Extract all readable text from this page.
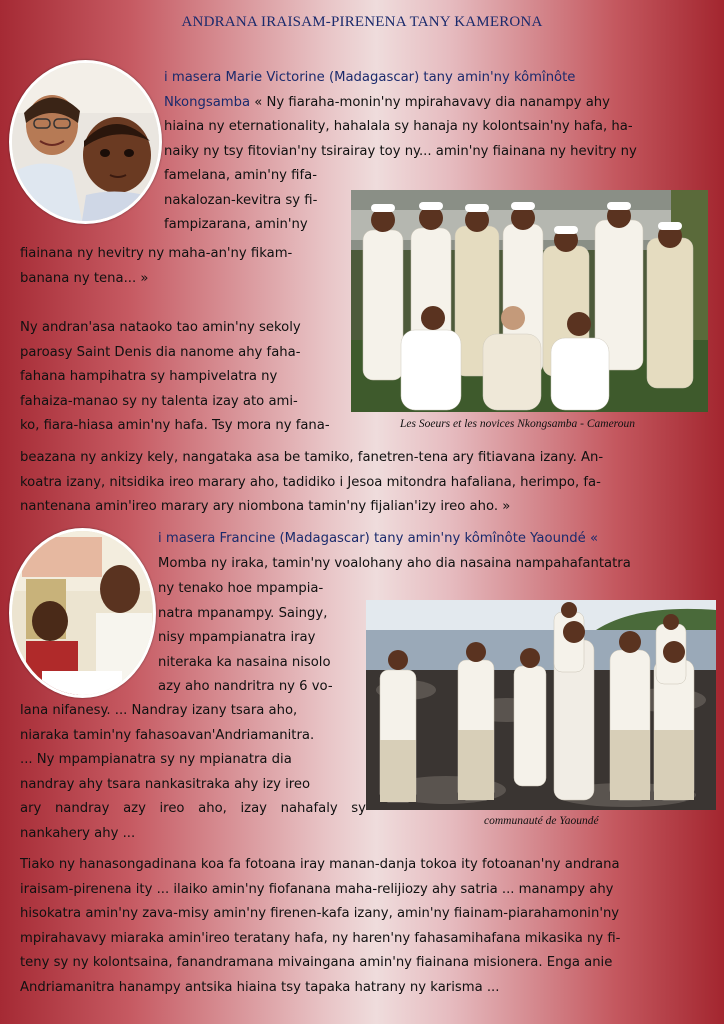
ANDRANA IRAISAM-PIRENENA TANY KAMERONA
i masera Marie Victorine (Madagascar) tany amin'ny kômînôte
Nkongsamba « Ny fiaraha-monin'ny mpirahavavy dia nanampy ahy
hiaina ny eternationality, hahalala sy hanaja ny kolontsain'ny hafa, ha-
naiky ny tsy fitovian'ny tsirairay toy ny... amin'ny fiainana ny hevitry ny
famelana, amin'ny fifa-
nakalozan-kevitra sy fi-
fampizarana, amin'ny
fiainana ny hevitry ny maha-an'ny fikam-
banana ny tena... »
Les Soeurs et les novices Nkongsamba - Cameroun
Ny andran'asa nataoko tao amin'ny sekoly
paroasy Saint Denis dia nanome ahy faha-
fahana hampihatra sy hampivelatra ny
fahaiza-manao sy ny talenta izay ato ami-
ko, fiara-hiasa amin'ny hafa. Tsy mora ny fana-
beazana ny ankizy kely, nangataka asa be tamiko, fanetren-tena ary fitiavana izany. An-
koatra izany, nitsidika ireo marary aho, tadidiko i Jesoa mitondra hafaliana, herimpo, fa-
nantenana amin'ireo marary ary niombona tamin'ny fijalian'izy ireo aho. »
i masera Francine (Madagascar) tany amin'ny kômînôte Yaoundé «
Momba ny iraka, tamin'ny voalohany aho dia nasaina nampahafantatra
ny tenako hoe mpampia-
natra mpanampy. Saingy,
nisy mpampianatra iray
niteraka ka nasaina nisolo
azy aho nandritra ny 6 vo-
lana nifanesy. ... Nandray izany tsara aho,
niaraka tamin'ny fahasoavan'Andriamanitra.
... Ny mpampianatra sy ny mpianatra dia
nandray ahy tsara nankasitraka ahy izy ireo
ary nandray azy ireo aho, izay nahafaly sy nankahery ahy ...
communauté de Yaoundé
Tiako ny hanasongadinana koa fa fotoana iray manan-danja tokoa ity fotoanan'ny andrana
iraisam-pirenena ity ... ilaiko amin'ny fiofanana maha-relijiozy ahy satria ... manampy ahy
hisokatra amin'ny zava-misy amin'ny firenen-kafa izany, amin'ny fiainam-piarahamonin'ny
mpirahavavy miaraka amin'ireo teratany hafa, ny haren'ny fahasamihafana mikasika ny fi-
teny sy ny kolontsaina, fanandramana mivaingana amin'ny fiainana misionera. Enga anie
Andriamanitra hanampy antsika hiaina tsy tapaka hatrany ny karisma ...
